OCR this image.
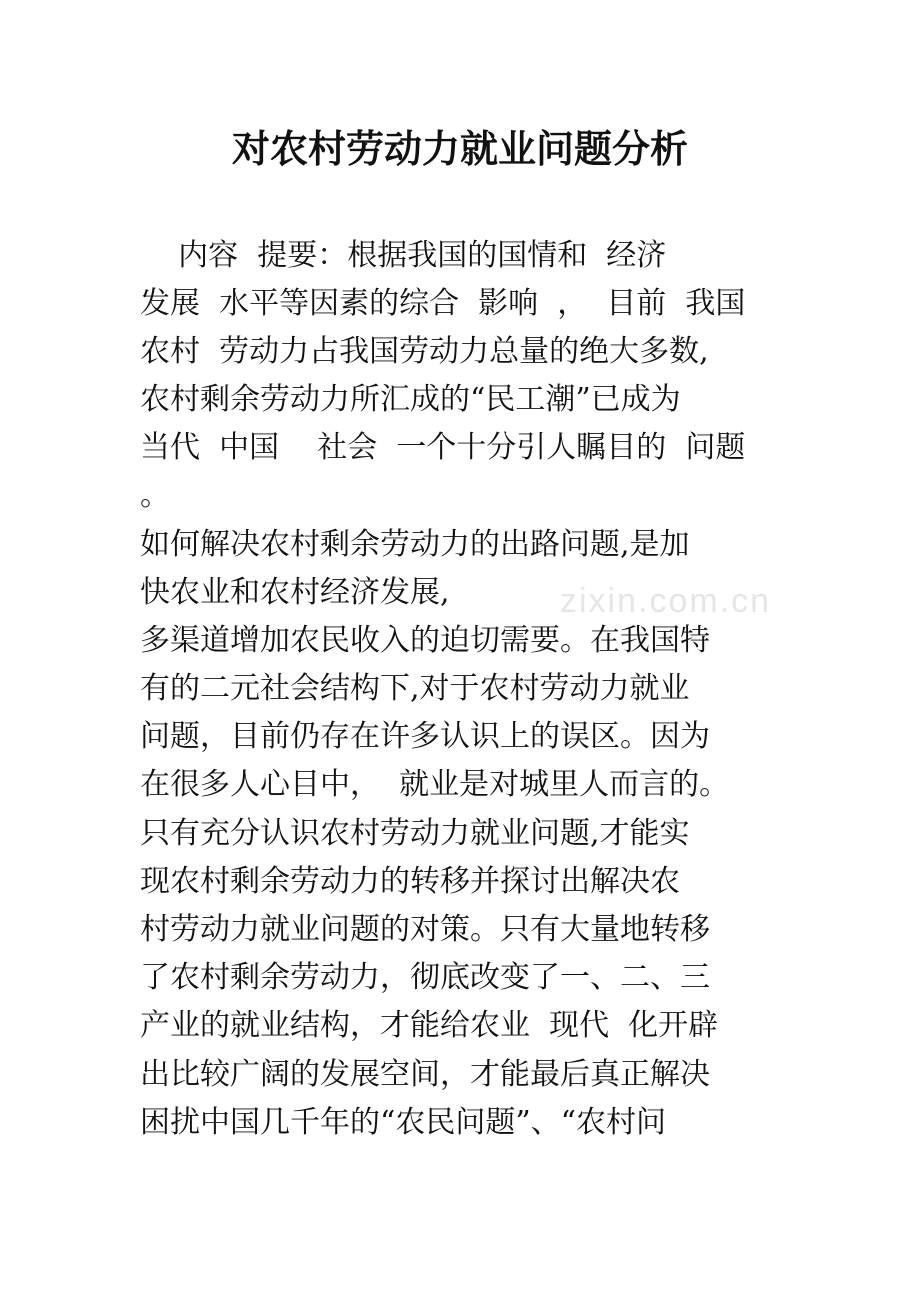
对农村劳动力就业问题分析
zixin.com.cn

内容  提要：根据我国的国情和  经济

发展  水平等因素的综合  影响  ，  目前  我国

农村  劳动力占我国劳动力总量的绝大多数,

农村剩余劳动力所汇成的“民工潮”已成为

当代  中国    社会  一个十分引人瞩目的  问题

。

如何解决农村剩余劳动力的出路问题,是加

快农业和农村经济发展,

多渠道增加农民收入的迫切需要。在我国特

有的二元社会结构下,对于农村劳动力就业

问题，目前仍存在许多认识上的误区。因为

在很多人心目中，  就业是对城里人而言的。

只有充分认识农村劳动力就业问题,才能实

现农村剩余劳动力的转移并探讨出解决农

村劳动力就业问题的对策。只有大量地转移

了农村剩余劳动力，彻底改变了一、二、三

产业的就业结构，才能给农业  现代  化开辟

出比较广阔的发展空间，才能最后真正解决

困扰中国几千年的“农民问题”、“农村问
